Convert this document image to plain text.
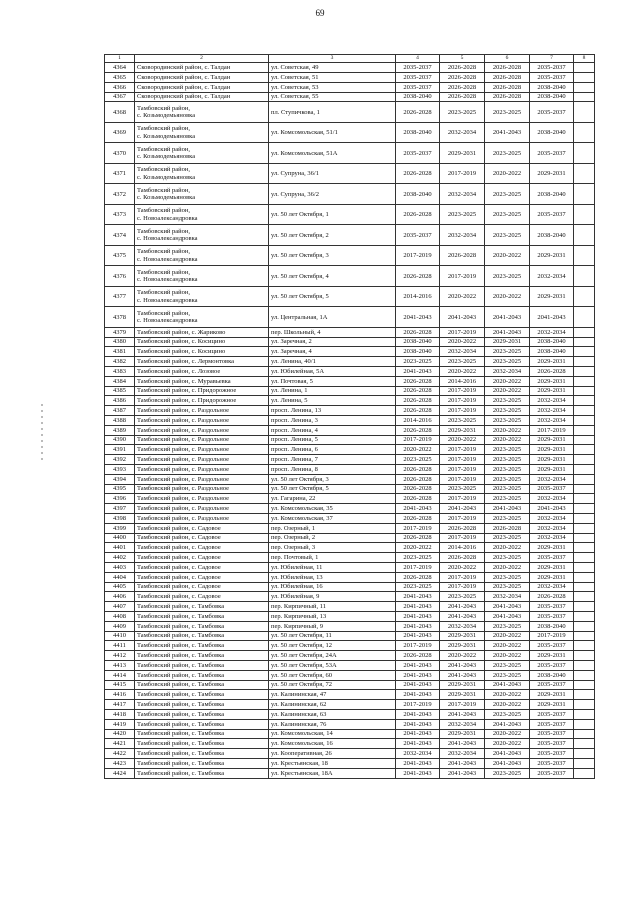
69
1	2	3	4	5	6	7	8
4364	Сковородинский район, с. Талдан	ул. Советская, 49	2035-2037	2026-2028	2026-2028	2035-2037	
4365	Сковородинский район, с. Талдан	ул. Советская, 51	2035-2037	2026-2028	2026-2028	2035-2037	
4366	Сковородинский район, с. Талдан	ул. Советская, 53	2035-2037	2026-2028	2026-2028	2038-2040	
4367	Сковородинский район, с. Талдан	ул. Советская, 55	2038-2040	2026-2028	2026-2028	2038-2040	
4368	Тамбовский район,
с. Козьмодемьяновка	пл. Ступичкова, 1	2026-2028	2023-2025	2023-2025	2035-2037	
4369	Тамбовский район,
с. Козьмодемьяновка	ул. Комсомольская, 51/1	2038-2040	2032-2034	2041-2043	2038-2040	
4370	Тамбовский район,
с. Козьмодемьяновка	ул. Комсомольская, 51А	2035-2037	2029-2031	2023-2025	2035-2037	
4371	Тамбовский район,
с. Козьмодемьяновка	ул. Супруна, 36/1	2026-2028	2017-2019	2020-2022	2029-2031	
4372	Тамбовский район,
с. Козьмодемьяновка	ул. Супруна, 36/2	2038-2040	2032-2034	2023-2025	2038-2040	
4373	Тамбовский район,
с. Новоалександровка	ул. 50 лет Октября, 1	2026-2028	2023-2025	2023-2025	2035-2037	
4374	Тамбовский район,
с. Новоалександровка	ул. 50 лет Октября, 2	2035-2037	2032-2034	2023-2025	2038-2040	
4375	Тамбовский район,
с. Новоалександровка	ул. 50 лет Октября, 3	2017-2019	2026-2028	2020-2022	2029-2031	
4376	Тамбовский район,
с. Новоалександровка	ул. 50 лет Октября, 4	2026-2028	2017-2019	2023-2025	2032-2034	
4377	Тамбовский район,
с. Новоалександровка	ул. 50 лет Октября, 5	2014-2016	2020-2022	2020-2022	2029-2031	
4378	Тамбовский район,
с. Новоалександровка	ул. Центральная, 1А	2041-2043	2041-2043	2041-2043	2041-2043	
4379	Тамбовский район, с. Жариково	пер. Школьный, 4	2026-2028	2017-2019	2041-2043	2032-2034	
4380	Тамбовский район, с. Косицино	ул. Заречная, 2	2038-2040	2020-2022	2029-2031	2038-2040	
4381	Тамбовский район, с. Косицино	ул. Заречная, 4	2038-2040	2032-2034	2023-2025	2038-2040	
4382	Тамбовский район, с. Лермонтовка	ул. Ленина, 40/1	2023-2025	2023-2025	2023-2025	2029-2031	
4383	Тамбовский район, с. Лозовое	ул. Юбилейная, 5А	2041-2043	2020-2022	2032-2034	2026-2028	
4384	Тамбовский район, с. Муравьевка	ул. Почтовая, 5	2026-2028	2014-2016	2020-2022	2029-2031	
4385	Тамбовский район, с. Придорожное	ул. Ленина, 1	2026-2028	2017-2019	2020-2022	2029-2031	
4386	Тамбовский район, с. Придорожное	ул. Ленина, 5	2026-2028	2017-2019	2023-2025	2032-2034	
4387	Тамбовский район, с. Раздольное	просп. Ленина, 13	2026-2028	2017-2019	2023-2025	2032-2034	
4388	Тамбовский район, с. Раздольное	просп. Ленина, 3	2014-2016	2023-2025	2023-2025	2032-2034	
4389	Тамбовский район, с. Раздольное	просп. Ленина, 4	2026-2028	2029-2031	2020-2022	2017-2019	
4390	Тамбовский район, с. Раздольное	просп. Ленина, 5	2017-2019	2020-2022	2020-2022	2029-2031	
4391	Тамбовский район, с. Раздольное	просп. Ленина, 6	2020-2022	2017-2019	2023-2025	2029-2031	
4392	Тамбовский район, с. Раздольное	просп. Ленина, 7	2023-2025	2017-2019	2023-2025	2029-2031	
4393	Тамбовский район, с. Раздольное	просп. Ленина, 8	2026-2028	2017-2019	2023-2025	2029-2031	
4394	Тамбовский район, с. Раздольное	ул. 50 лет Октября, 3	2026-2028	2017-2019	2023-2025	2032-2034	
4395	Тамбовский район, с. Раздольное	ул. 50 лет Октября, 5	2026-2028	2023-2025	2023-2025	2035-2037	
4396	Тамбовский район, с. Раздольное	ул. Гагарина, 22	2026-2028	2017-2019	2023-2025	2032-2034	
4397	Тамбовский район, с. Раздольное	ул. Комсомольская, 35	2041-2043	2041-2043	2041-2043	2041-2043	
4398	Тамбовский район, с. Раздольное	ул. Комсомольская, 37	2026-2028	2017-2019	2023-2025	2032-2034	
4399	Тамбовский район, с. Садовое	пер. Озерный, 1	2017-2019	2026-2028	2026-2028	2032-2034	
4400	Тамбовский район, с. Садовое	пер. Озерный, 2	2026-2028	2017-2019	2023-2025	2032-2034	
4401	Тамбовский район, с. Садовое	пер. Озерный, 3	2020-2022	2014-2016	2020-2022	2029-2031	
4402	Тамбовский район, с. Садовое	пер. Почтовый, 1	2023-2025	2026-2028	2023-2025	2035-2037	
4403	Тамбовский район, с. Садовое	ул. Юбилейная, 11	2017-2019	2020-2022	2020-2022	2029-2031	
4404	Тамбовский район, с. Садовое	ул. Юбилейная, 13	2026-2028	2017-2019	2023-2025	2029-2031	
4405	Тамбовский район, с. Садовое	ул. Юбилейная, 16	2023-2025	2017-2019	2023-2025	2032-2034	
4406	Тамбовский район, с. Садовое	ул. Юбилейная, 9	2041-2043	2023-2025	2032-2034	2026-2028	
4407	Тамбовский район, с. Тамбовка	пер. Кирпичный, 11	2041-2043	2041-2043	2041-2043	2035-2037	
4408	Тамбовский район, с. Тамбовка	пер. Кирпичный, 13	2041-2043	2041-2043	2041-2043	2035-2037	
4409	Тамбовский район, с. Тамбовка	пер. Кирпичный, 9	2041-2043	2032-2034	2023-2025	2038-2040	
4410	Тамбовский район, с. Тамбовка	ул. 50 лет Октября, 11	2041-2043	2029-2031	2020-2022	2017-2019	
4411	Тамбовский район, с. Тамбовка	ул. 50 лет Октября, 12	2017-2019	2029-2031	2020-2022	2035-2037	
4412	Тамбовский район, с. Тамбовка	ул. 50 лет Октября, 24А	2026-2028	2020-2022	2020-2022	2029-2031	
4413	Тамбовский район, с. Тамбовка	ул. 50 лет Октября, 53А	2041-2043	2041-2043	2023-2025	2035-2037	
4414	Тамбовский район, с. Тамбовка	ул. 50 лет Октября, 60	2041-2043	2041-2043	2023-2025	2038-2040	
4415	Тамбовский район, с. Тамбовка	ул. 50 лет Октября, 72	2041-2043	2029-2031	2041-2043	2035-2037	
4416	Тамбовский район, с. Тамбовка	ул. Калининская, 47	2041-2043	2029-2031	2020-2022	2029-2031	
4417	Тамбовский район, с. Тамбовка	ул. Калининская, 62	2017-2019	2017-2019	2020-2022	2029-2031	
4418	Тамбовский район, с. Тамбовка	ул. Калининская, 63	2041-2043	2041-2043	2023-2025	2035-2037	
4419	Тамбовский район, с. Тамбовка	ул. Калининская, 76	2041-2043	2032-2034	2041-2043	2035-2037	
4420	Тамбовский район, с. Тамбовка	ул. Комсомольская, 14	2041-2043	2029-2031	2020-2022	2035-2037	
4421	Тамбовский район, с. Тамбовка	ул. Комсомольская, 16	2041-2043	2041-2043	2020-2022	2035-2037	
4422	Тамбовский район, с. Тамбовка	ул. Кооперативная, 26	2032-2034	2032-2034	2041-2043	2035-2037	
4423	Тамбовский район, с. Тамбовка	ул. Крестьянская, 18	2041-2043	2041-2043	2041-2043	2035-2037	
4424	Тамбовский район, с. Тамбовка	ул. Крестьянская, 18А	2041-2043	2041-2043	2023-2025	2035-2037	
